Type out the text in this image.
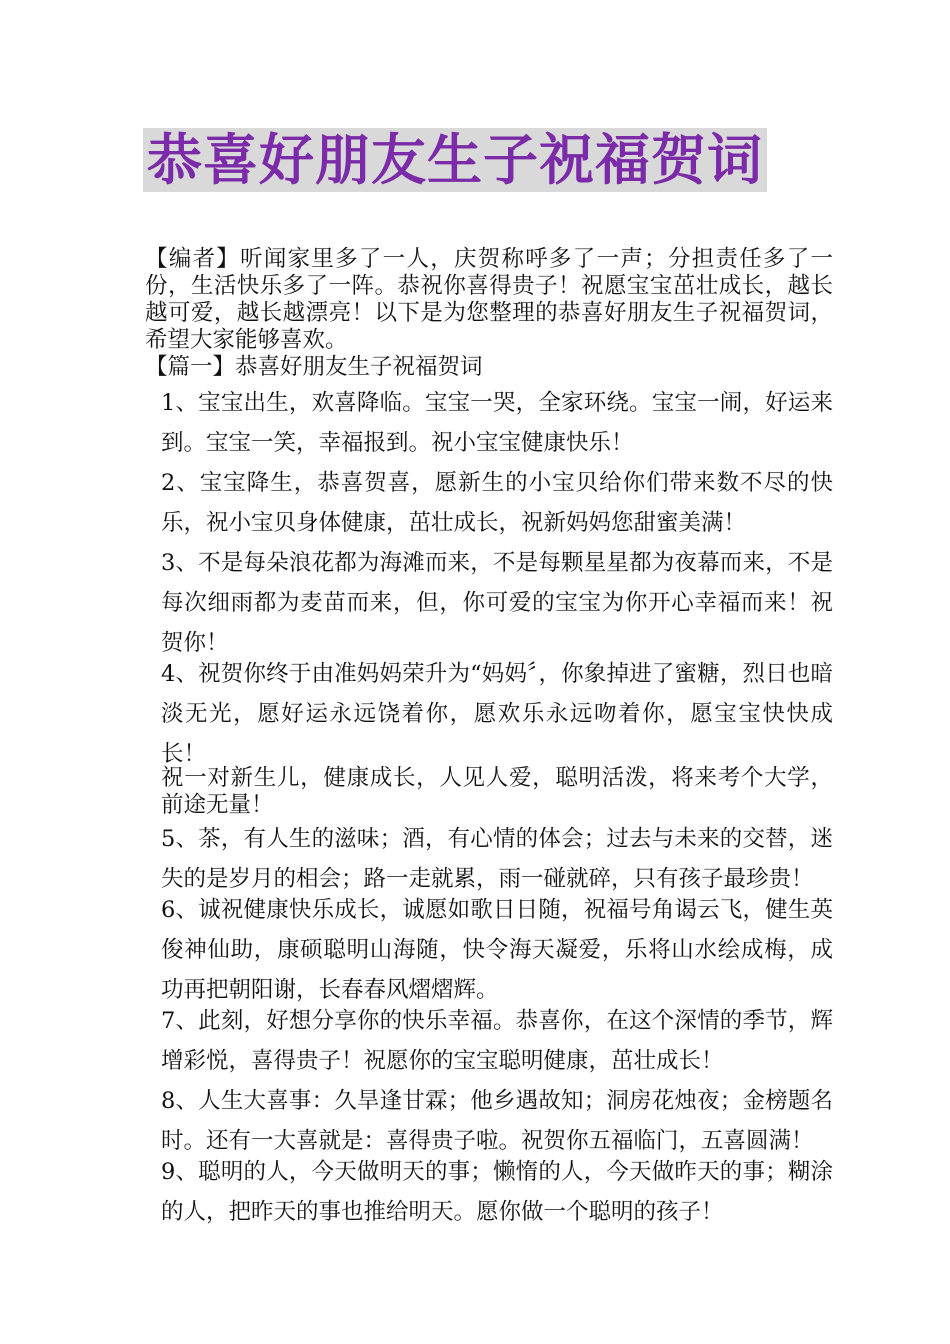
恭喜好朋友生子祝福贺词

【编者】听闻家里多了一人，庆贺称呼多了一声；分担责任多了一份，生活快乐多了一阵。恭祝你喜得贵子！祝愿宝宝茁壮成长，越长越可爱，越长越漂亮！以下是为您整理的恭喜好朋友生子祝福贺词，希望大家能够喜欢。

【篇一】恭喜好朋友生子祝福贺词

1、宝宝出生，欢喜降临。宝宝一哭，全家环绕。宝宝一闹，好运来到。宝宝一笑，幸福报到。祝小宝宝健康快乐！

2、宝宝降生，恭喜贺喜，愿新生的小宝贝给你们带来数不尽的快乐，祝小宝贝身体健康，茁壮成长，祝新妈妈您甜蜜美满！

3、不是每朵浪花都为海滩而来，不是每颗星星都为夜幕而来，不是每次细雨都为麦苗而来，但，你可爱的宝宝为你开心幸福而来！祝贺你！

4、祝贺你终于由准妈妈荣升为“妈妈〞，你象掉进了蜜糖，烈日也暗淡无光，愿好运永远饶着你，愿欢乐永远吻着你，愿宝宝快快成长！

祝一对新生儿，健康成长，人见人爱，聪明活泼，将来考个大学，前途无量！

5、茶，有人生的滋味；酒，有心情的体会；过去与未来的交替，迷失的是岁月的相会；路一走就累，雨一碰就碎，只有孩子最珍贵！

6、诚祝健康快乐成长，诚愿如歌日日随，祝福号角谒云飞，健生英俊神仙助，康硕聪明山海随，快令海天凝爱，乐将山水绘成梅，成功再把朝阳谢，长春春风熠熠辉。

7、此刻，好想分享你的快乐幸福。恭喜你，在这个深情的季节，辉增彩悦，喜得贵子！祝愿你的宝宝聪明健康，茁壮成长！

8、人生大喜事：久旱逢甘霖；他乡遇故知；洞房花烛夜；金榜题名时。还有一大喜就是：喜得贵子啦。祝贺你五福临门，五喜圆满！

9、聪明的人，今天做明天的事；懒惰的人，今天做昨天的事；糊涂的人，把昨天的事也推给明天。愿你做一个聪明的孩子！
